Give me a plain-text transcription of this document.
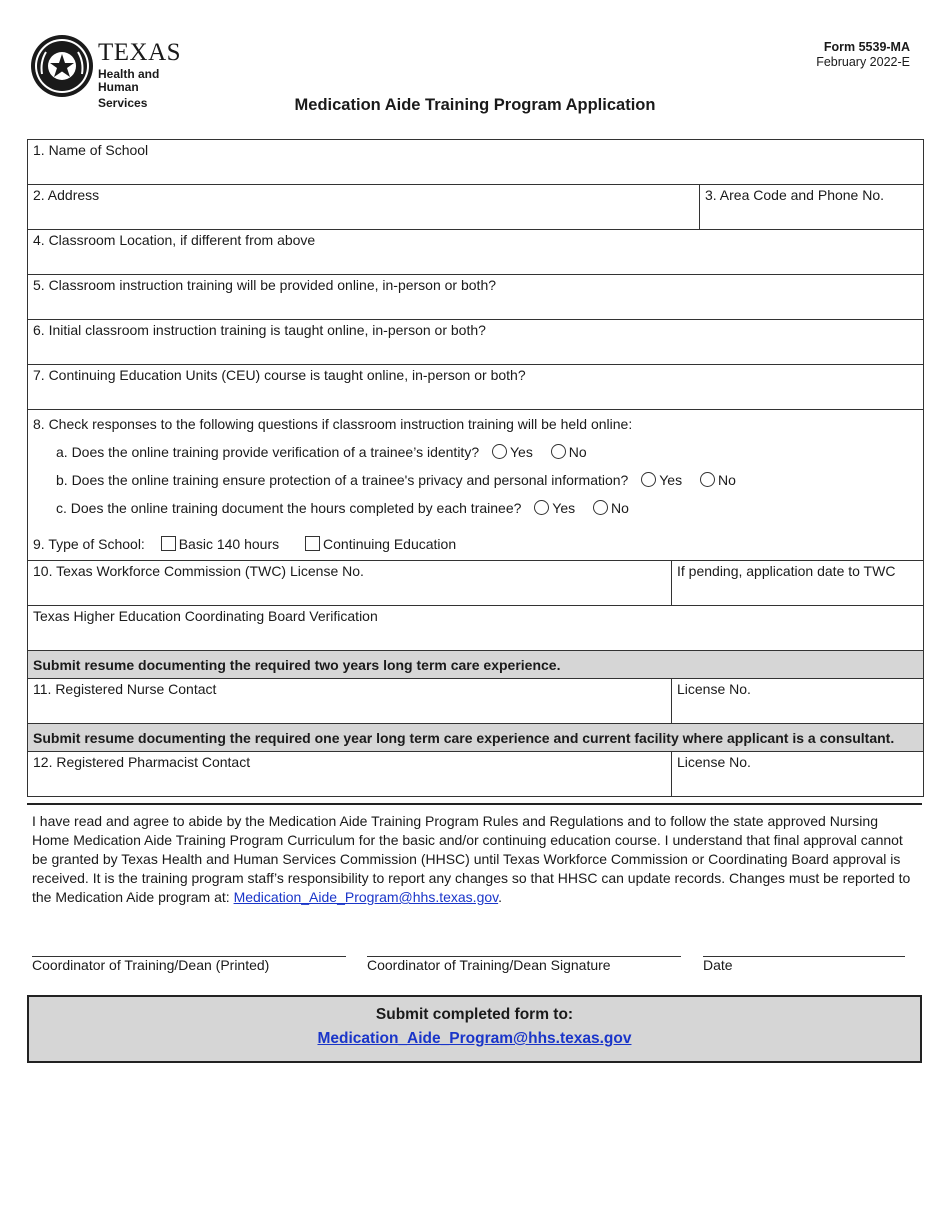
TEXAS
Health and Human
Services
Form 5539-MA
February 2022-E
Medication Aide Training Program Application
1. Name of School
2. Address	3. Area Code and Phone No.
4. Classroom Location, if different from above
5. Classroom instruction training will be provided online, in-person or both?
6. Initial classroom instruction training is taught online, in-person or both?
7. Continuing Education Units (CEU) course is taught online, in-person or both?
8. Check responses to the following questions if classroom instruction training will be held online:
a. Does the online training provide verification of a trainee’s identity? Yes	No
b. Does the online training ensure protection of a trainee's privacy and personal information? Yes	No
c. Does the online training document the hours completed by each trainee? Yes	No
9. Type of School: Basic 140 hours	Continuing Education
10. Texas Workforce Commission (TWC) License No.	If pending, application date to TWC
Texas Higher Education Coordinating Board Verification
Submit resume documenting the required two years long term care experience.
11. Registered Nurse Contact	License No.
Submit resume documenting the required one year long term care experience and current facility where applicant is a consultant.
12. Registered Pharmacist Contact	License No.
I have read and agree to abide by the Medication Aide Training Program Rules and Regulations and to follow the state approved Nursing Home Medication Aide Training Program Curriculum for the basic and/or continuing education course. I understand that final approval cannot be granted by Texas Health and Human Services Commission (HHSC) until Texas Workforce Commission or Coordinating Board approval is received. It is the training program staff’s responsibility to report any changes so that HHSC can update records. Changes must be reported to the Medication Aide program at: Medication_Aide_Program@hhs.texas.gov.
Coordinator of Training/Dean (Printed)	Coordinator of Training/Dean Signature	Date
Submit completed form to:
Medication_Aide_Program@hhs.texas.gov
